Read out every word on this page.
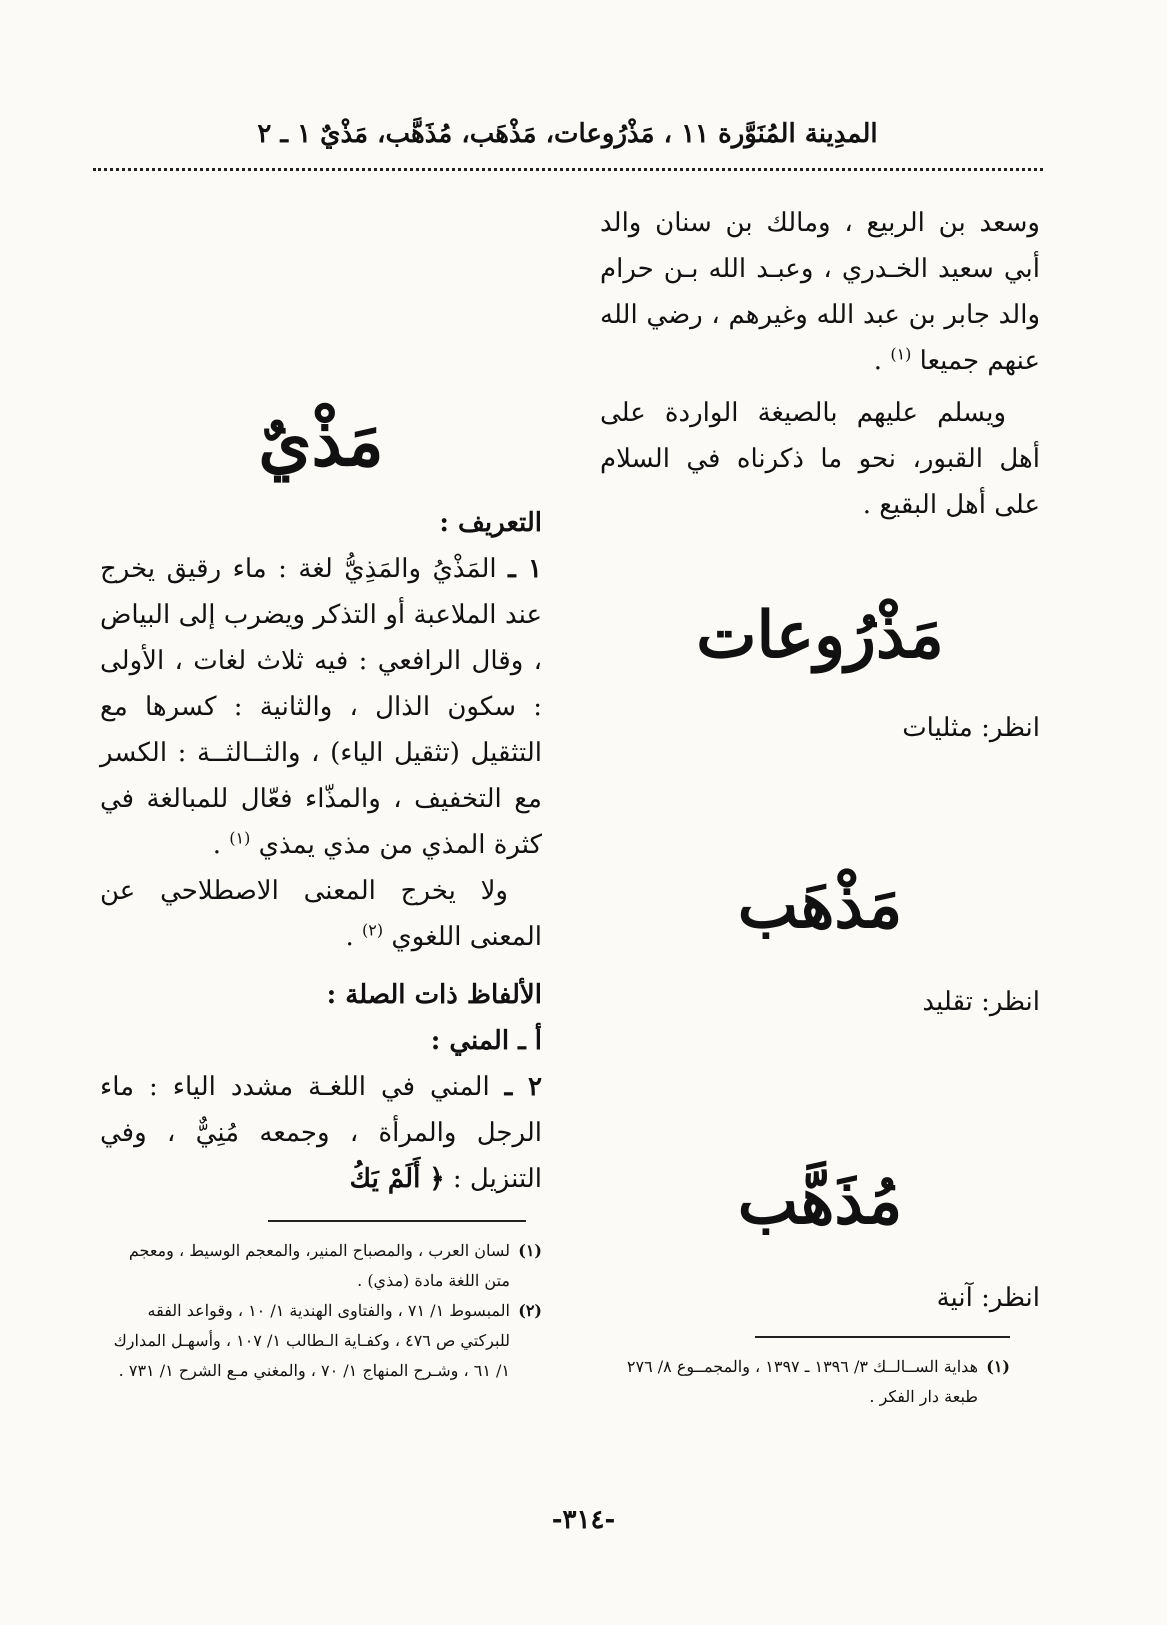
المدِينة المُنَوَّرة ١١ ، مَذْرُوعات، مَذْهَب، مُذَهَّب، مَذْيٌ ١ ـ ٢

وسعد بن الربيع ، ومالك بن سنان والد أبي سعيد الخـدري ، وعبـد الله بـن حرام والد جابر بن عبد الله وغيرهم ، رضي الله عنهم جميعا $^{(١)}$ .

ويسلم عليهم بالصيغة الواردة على أهل القبور، نحو ما ذكرناه في السلام على أهل البقيع .

مَذْرُوعات

انظر: مثليات

مَذْهَب

انظر: تقليد

مُذَهَّب

انظر: آنية

(١)
هداية الســالــك ٣/ ١٣٩٦ ـ ١٣٩٧ ، والمجمــوع ٨/ ٢٧٦ طبعة دار الفكر .

مَذْيٌ

التعريف :

١ ـ المَذْيُ والمَذِيُّ لغة : ماء رقيق يخرج عند الملاعبة أو التذكر ويضرب إلى البياض ، وقال الرافعي : فيه ثلاث لغات ، الأولى : سكون الذال ، والثانية : كسرها مع التثقيل (تثقيل الياء) ، والثــالثــة : الكسر مع التخفيف ، والمذّاء فعّال للمبالغة في كثرة المذي من مذي يمذي $^{(١)}$ .

ولا يخرج المعنى الاصطلاحي عن المعنى اللغوي $^{(٢)}$ .

الألفاظ ذات الصلة :

أ ـ المني :

٢ ـ المني في اللغـة مشدد الياء : ماء الرجل والمرأة ، وجمعه مُنِيٌّ ، وفي التنزيل : ﴿ أَلَمْ يَكُ

(١)
لسان العرب ، والمصباح المنير، والمعجم الوسيط ، ومعجم متن اللغة مادة (مذي) .

(٢)
المبسوط ١/ ٧١ ، والفتاوى الهندية ١/ ١٠ ، وقواعد الفقه للبركتي ص ٤٧٦ ، وكفـاية الـطالب ١/ ١٠٧ ، وأسهـل المدارك ١/ ٦١ ، وشـرح المنهاج ١/ ٧٠ ، والمغني مـع الشرح ١/ ٧٣١ .

-٣١٤-
